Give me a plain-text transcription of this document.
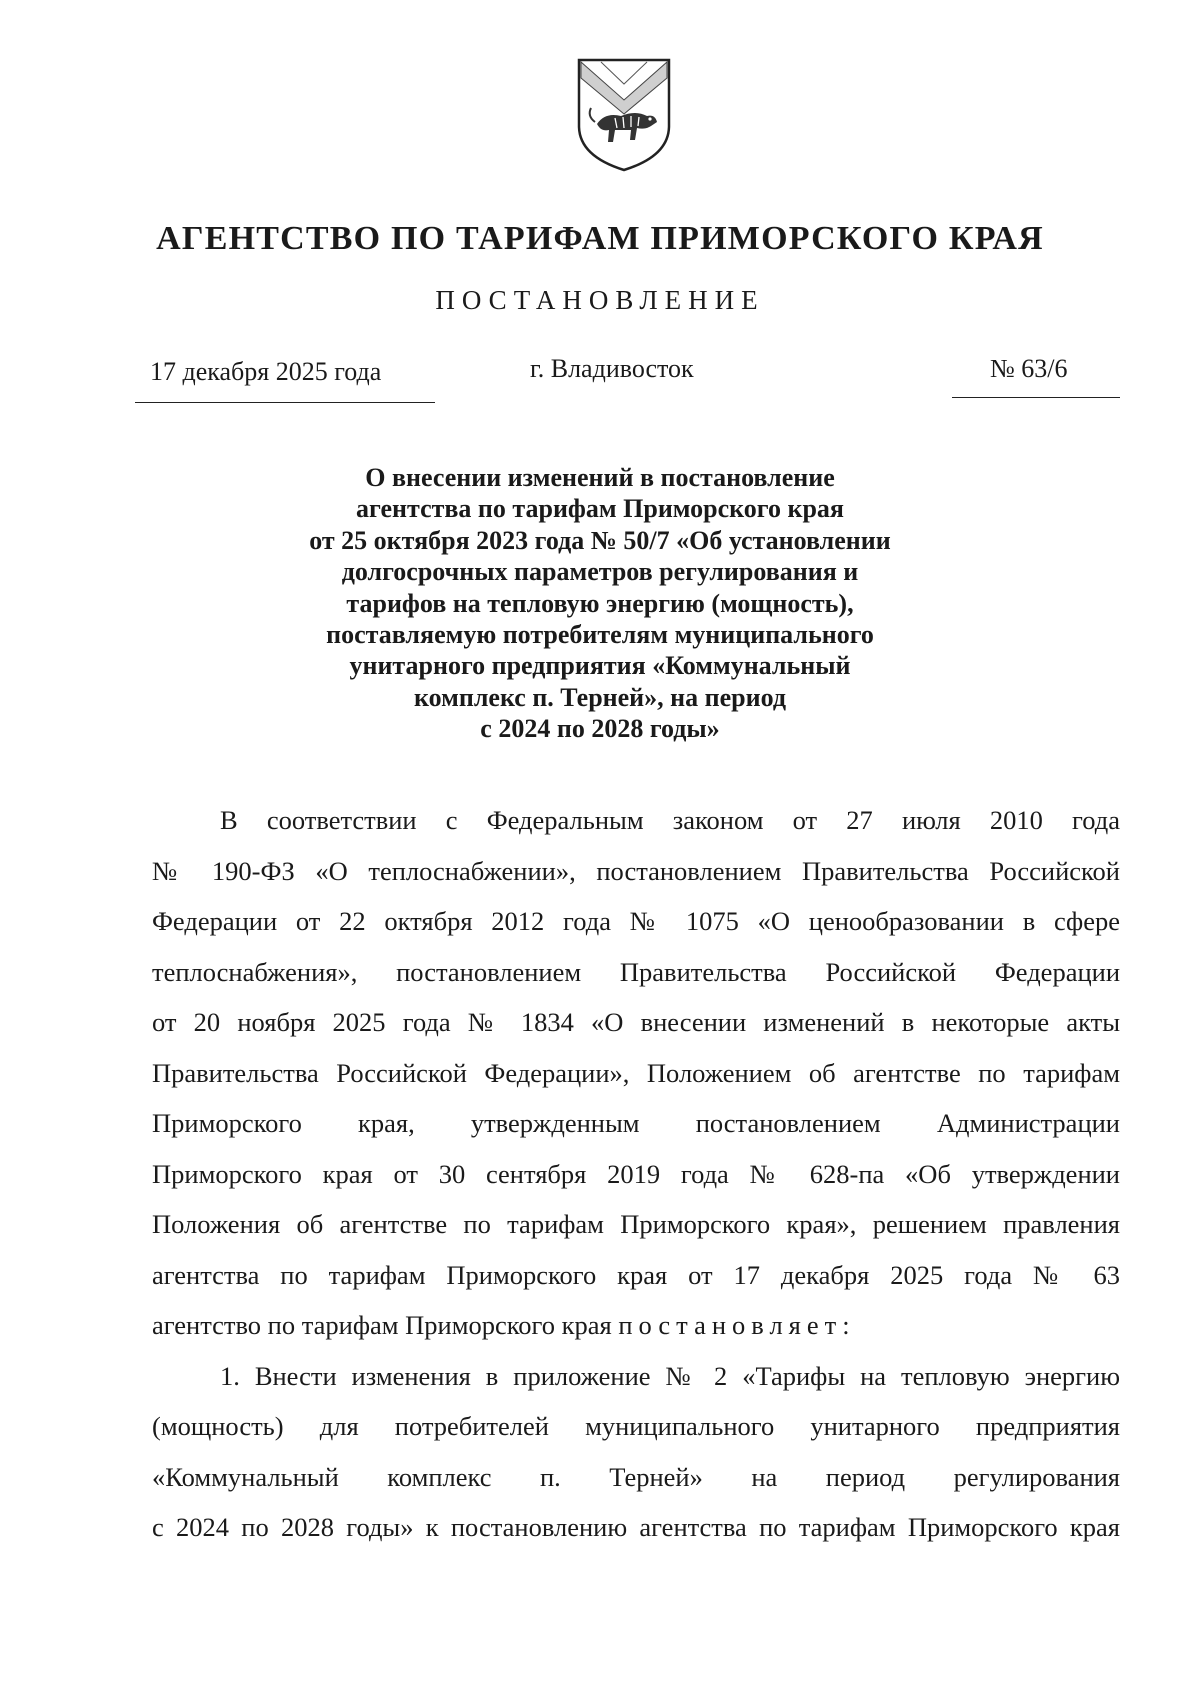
АГЕНТСТВО ПО ТАРИФАМ ПРИМОРСКОГО КРАЯ
ПОСТАНОВЛЕНИЕ
17 декабря 2025 года	г. Владивосток	№ 63/6
О внесении изменений в постановление
агентства по тарифам Приморского края
от 25 октября 2023 года № 50/7 «Об установлении
долгосрочных параметров регулирования и
тарифов на тепловую энергию (мощность),
поставляемую потребителям муниципального
унитарного предприятия «Коммунальный
комплекс п. Терней», на период
с 2024 по 2028 годы»
В соответствии с Федеральным законом от 27 июля 2010 года
№ 190-ФЗ «О теплоснабжении», постановлением Правительства Российской
Федерации от 22 октября 2012 года № 1075 «О ценообразовании в сфере
теплоснабжения», постановлением Правительства Российской Федерации
от 20 ноября 2025 года № 1834 «О внесении изменений в некоторые акты
Правительства Российской Федерации», Положением об агентстве по тарифам
Приморского края, утвержденным постановлением Администрации
Приморского края от 30 сентября 2019 года № 628-па «Об утверждении
Положения об агентстве по тарифам Приморского края», решением правления
агентства по тарифам Приморского края от 17 декабря 2025 года № 63
агентство по тарифам Приморского края постановляет:
1. Внести изменения в приложение № 2 «Тарифы на тепловую энергию
(мощность) для потребителей муниципального унитарного предприятия
«Коммунальный комплекс п. Терней» на период регулирования
с 2024 по 2028 годы» к постановлению агентства по тарифам Приморского края
